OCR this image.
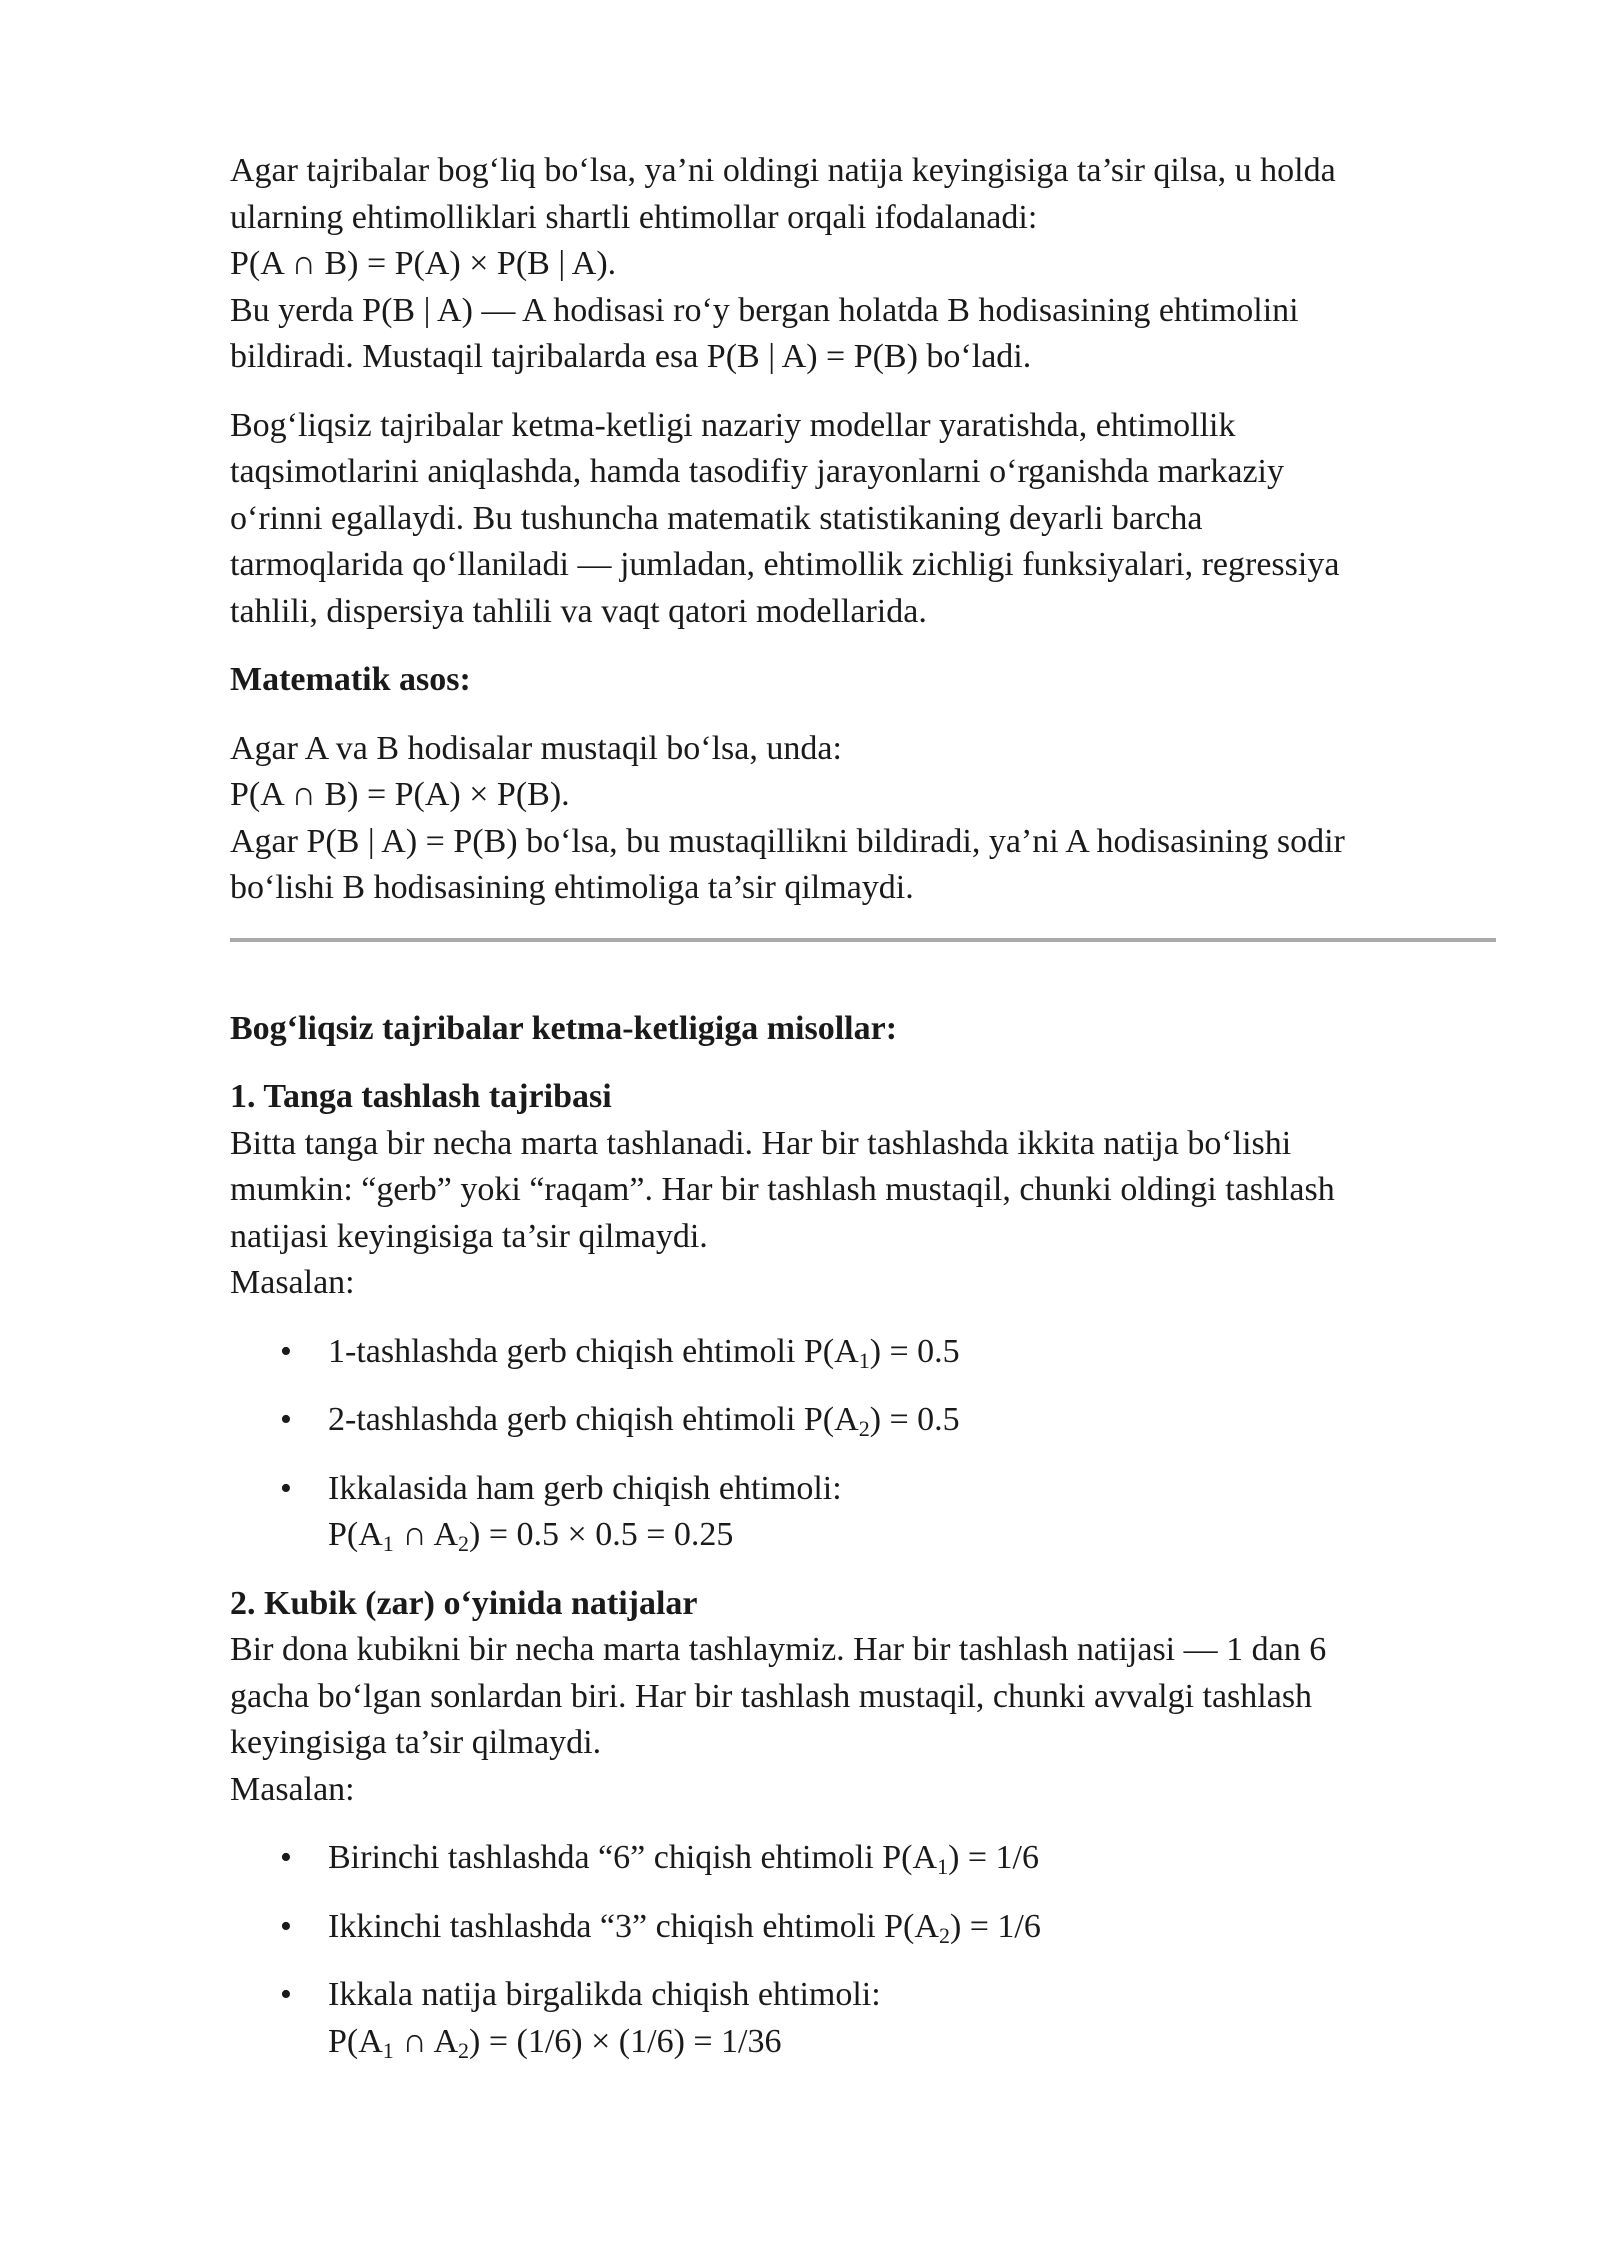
Agar tajribalar bog‘liq bo‘lsa, ya’ni oldingi natija keyingisiga ta’sir qilsa, u holda
ularning ehtimolliklari shartli ehtimollar orqali ifodalanadi:
P(A ∩ B) = P(A) × P(B | A).
Bu yerda P(B | A) — A hodisasi ro‘y bergan holatda B hodisasining ehtimolini
bildiradi. Mustaqil tajribalarda esa P(B | A) = P(B) bo‘ladi.

Bog‘liqsiz tajribalar ketma-ketligi nazariy modellar yaratishda, ehtimollik
taqsimotlarini aniqlashda, hamda tasodifiy jarayonlarni o‘rganishda markaziy
o‘rinni egallaydi. Bu tushuncha matematik statistikaning deyarli barcha
tarmoqlarida qo‘llaniladi — jumladan, ehtimollik zichligi funksiyalari, regressiya
tahlili, dispersiya tahlili va vaqt qatori modellarida.

Matematik asos:

Agar A va B hodisalar mustaqil bo‘lsa, unda:
P(A ∩ B) = P(A) × P(B).
Agar P(B | A) = P(B) bo‘lsa, bu mustaqillikni bildiradi, ya’ni A hodisasining sodir
bo‘lishi B hodisasining ehtimoliga ta’sir qilmaydi.

Bog‘liqsiz tajribalar ketma-ketligiga misollar:

1. Tanga tashlash tajribasi

Bitta tanga bir necha marta tashlanadi. Har bir tashlashda ikkita natija bo‘lishi
mumkin: “gerb” yoki “raqam”. Har bir tashlash mustaqil, chunki oldingi tashlash
natijasi keyingisiga ta’sir qilmaydi.
Masalan:

• 1-tashlashda gerb chiqish ehtimoli $P(A_1) = 0.5$
• 2-tashlashda gerb chiqish ehtimoli $P(A_2) = 0.5$
• Ikkalasida ham gerb chiqish ehtimoli:
$P(A_1$ ∩ $A_2) = 0.5 \times 0.5 = 0.25$

2. Kubik (zar) o‘yinida natijalar

Bir dona kubikni bir necha marta tashlaymiz. Har bir tashlash natijasi — 1 dan 6
gacha bo‘lgan sonlardan biri. Har bir tashlash mustaqil, chunki avvalgi tashlash
keyingisiga ta’sir qilmaydi.
Masalan:

• Birinchi tashlashda “6” chiqish ehtimoli $P(A_1) = 1/6$
• Ikkinchi tashlashda “3” chiqish ehtimoli $P(A_2) = 1/6$
• Ikkala natija birgalikda chiqish ehtimoli:
$P(A_1$ ∩ $A_2) = (1/6) \times (1/6) = 1/36$
